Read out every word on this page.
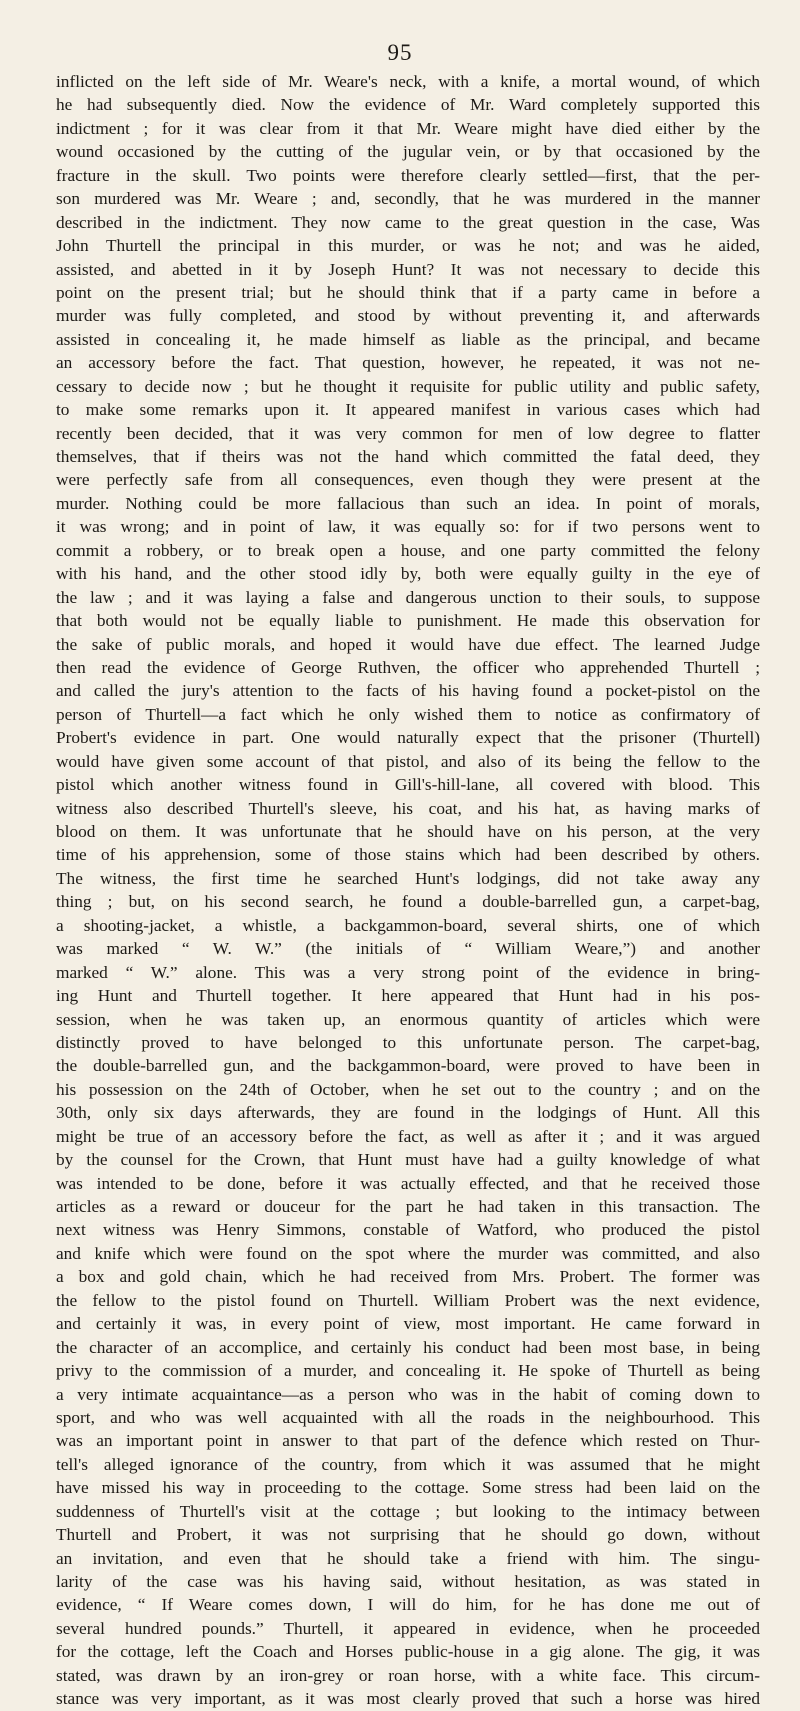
95
inflicted on the left side of Mr. Weare's neck, with a knife, a mortal wound, of which
he had subsequently died. Now the evidence of Mr. Ward completely supported this
indictment ; for it was clear from it that Mr. Weare might have died either by the
wound occasioned by the cutting of the jugular vein, or by that occasioned by the
fracture in the skull. Two points were therefore clearly settled—first, that the per-
son murdered was Mr. Weare ; and, secondly, that he was murdered in the manner
described in the indictment. They now came to the great question in the case, Was
John Thurtell the principal in this murder, or was he not; and was he aided,
assisted, and abetted in it by Joseph Hunt? It was not necessary to decide this
point on the present trial; but he should think that if a party came in before a
murder was fully completed, and stood by without preventing it, and afterwards
assisted in concealing it, he made himself as liable as the principal, and became
an accessory before the fact. That question, however, he repeated, it was not ne-
cessary to decide now ; but he thought it requisite for public utility and public safety,
to make some remarks upon it. It appeared manifest in various cases which had
recently been decided, that it was very common for men of low degree to flatter
themselves, that if theirs was not the hand which committed the fatal deed, they
were perfectly safe from all consequences, even though they were present at the
murder. Nothing could be more fallacious than such an idea. In point of morals,
it was wrong; and in point of law, it was equally so: for if two persons went to
commit a robbery, or to break open a house, and one party committed the felony
with his hand, and the other stood idly by, both were equally guilty in the eye of
the law ; and it was laying a false and dangerous unction to their souls, to suppose
that both would not be equally liable to punishment. He made this observation for
the sake of public morals, and hoped it would have due effect. The learned Judge
then read the evidence of George Ruthven, the officer who apprehended Thurtell ;
and called the jury's attention to the facts of his having found a pocket-pistol on the
person of Thurtell—a fact which he only wished them to notice as confirmatory of
Probert's evidence in part. One would naturally expect that the prisoner (Thurtell)
would have given some account of that pistol, and also of its being the fellow to the
pistol which another witness found in Gill's-hill-lane, all covered with blood. This
witness also described Thurtell's sleeve, his coat, and his hat, as having marks of
blood on them. It was unfortunate that he should have on his person, at the very
time of his apprehension, some of those stains which had been described by others.
The witness, the first time he searched Hunt's lodgings, did not take away any
thing ; but, on his second search, he found a double-barrelled gun, a carpet-bag,
a shooting-jacket, a whistle, a backgammon-board, several shirts, one of which
was marked “ W. W.” (the initials of “ William Weare,”) and another
marked “ W.” alone. This was a very strong point of the evidence in bring-
ing Hunt and Thurtell together. It here appeared that Hunt had in his pos-
session, when he was taken up, an enormous quantity of articles which were
distinctly proved to have belonged to this unfortunate person. The carpet-bag,
the double-barrelled gun, and the backgammon-board, were proved to have been in
his possession on the 24th of October, when he set out to the country ; and on the
30th, only six days afterwards, they are found in the lodgings of Hunt. All this
might be true of an accessory before the fact, as well as after it ; and it was argued
by the counsel for the Crown, that Hunt must have had a guilty knowledge of what
was intended to be done, before it was actually effected, and that he received those
articles as a reward or douceur for the part he had taken in this transaction. The
next witness was Henry Simmons, constable of Watford, who produced the pistol
and knife which were found on the spot where the murder was committed, and also
a box and gold chain, which he had received from Mrs. Probert. The former was
the fellow to the pistol found on Thurtell. William Probert was the next evidence,
and certainly it was, in every point of view, most important. He came forward in
the character of an accomplice, and certainly his conduct had been most base, in being
privy to the commission of a murder, and concealing it. He spoke of Thurtell as being
a very intimate acquaintance—as a person who was in the habit of coming down to
sport, and who was well acquainted with all the roads in the neighbourhood. This
was an important point in answer to that part of the defence which rested on Thur-
tell's alleged ignorance of the country, from which it was assumed that he might
have missed his way in proceeding to the cottage. Some stress had been laid on the
suddenness of Thurtell's visit at the cottage ; but looking to the intimacy between
Thurtell and Probert, it was not surprising that he should go down, without
an invitation, and even that he should take a friend with him. The singu-
larity of the case was his having said, without hesitation, as was stated in
evidence, “ If Weare comes down, I will do him, for he has done me out of
several hundred pounds.” Thurtell, it appeared in evidence, when he proceeded
for the cottage, left the Coach and Horses public-house in a gig alone. The gig, it was
stated, was drawn by an iron-grey or roan horse, with a white face. This circum-
stance was very important, as it was most clearly proved that such a horse was hired
